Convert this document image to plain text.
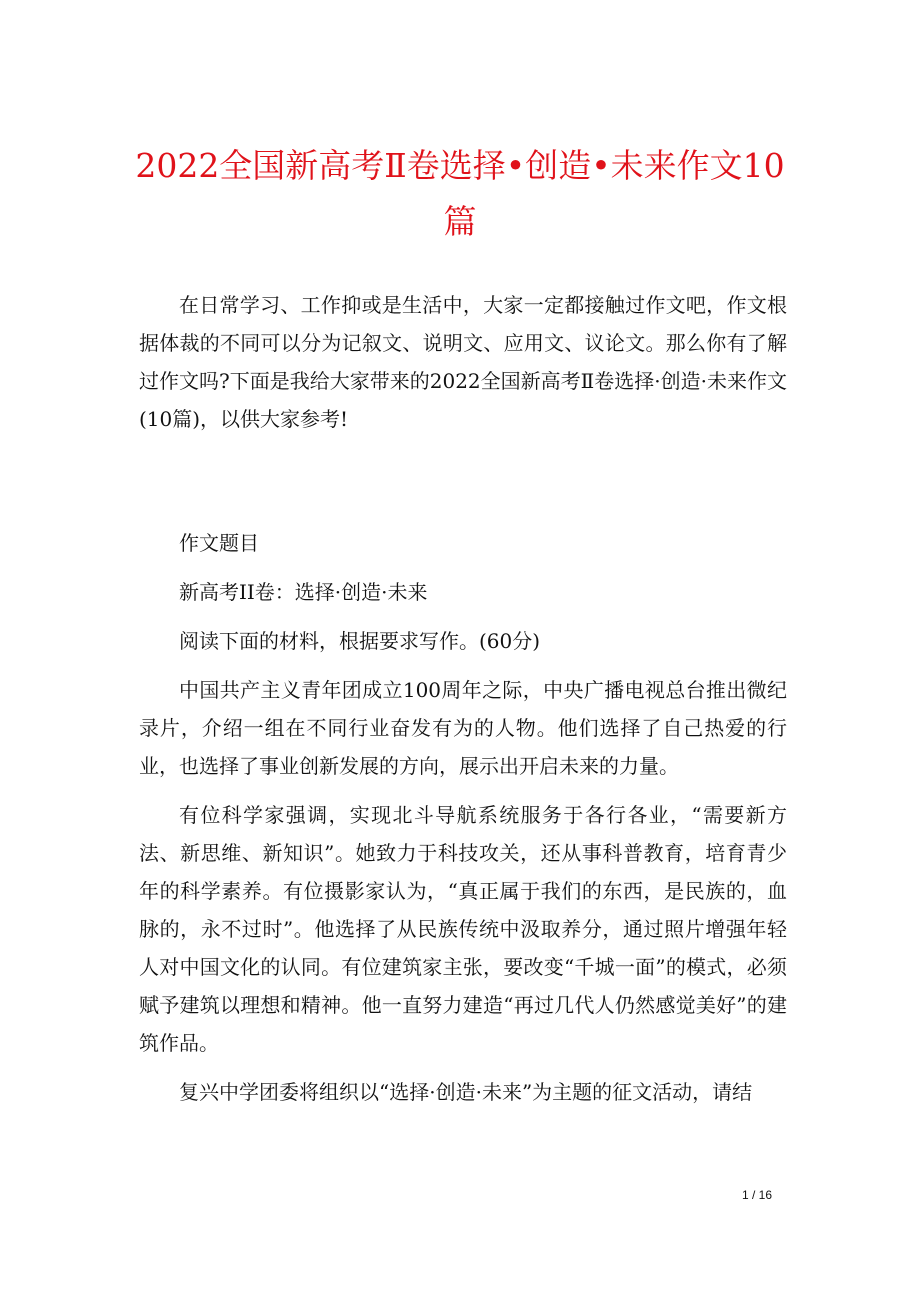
2022全国新高考Ⅱ卷选择•创造•未来作文10篇

在日常学习、工作抑或是生活中，大家一定都接触过作文吧，作文根据体裁的不同可以分为记叙文、说明文、应用文、议论文。那么你有了解过作文吗?下面是我给大家带来的2022全国新高考Ⅱ卷选择·创造·未来作文(10篇)，以供大家参考!

作文题目

新高考II卷：选择·创造·未来

阅读下面的材料，根据要求写作。(60分)

中国共产主义青年团成立100周年之际，中央广播电视总台推出微纪录片，介绍一组在不同行业奋发有为的人物。他们选择了自己热爱的行业，也选择了事业创新发展的方向，展示出开启未来的力量。

有位科学家强调，实现北斗导航系统服务于各行各业，“需要新方法、新思维、新知识”。她致力于科技攻关，还从事科普教育，培育青少年的科学素养。有位摄影家认为，“真正属于我们的东西，是民族的，血脉的，永不过时”。他选择了从民族传统中汲取养分，通过照片增强年轻人对中国文化的认同。有位建筑家主张，要改变“千城一面”的模式，必须赋予建筑以理想和精神。他一直努力建造“再过几代人仍然感觉美好”的建筑作品。

复兴中学团委将组织以“选择·创造·未来”为主题的征文活动，请结

1 / 16
